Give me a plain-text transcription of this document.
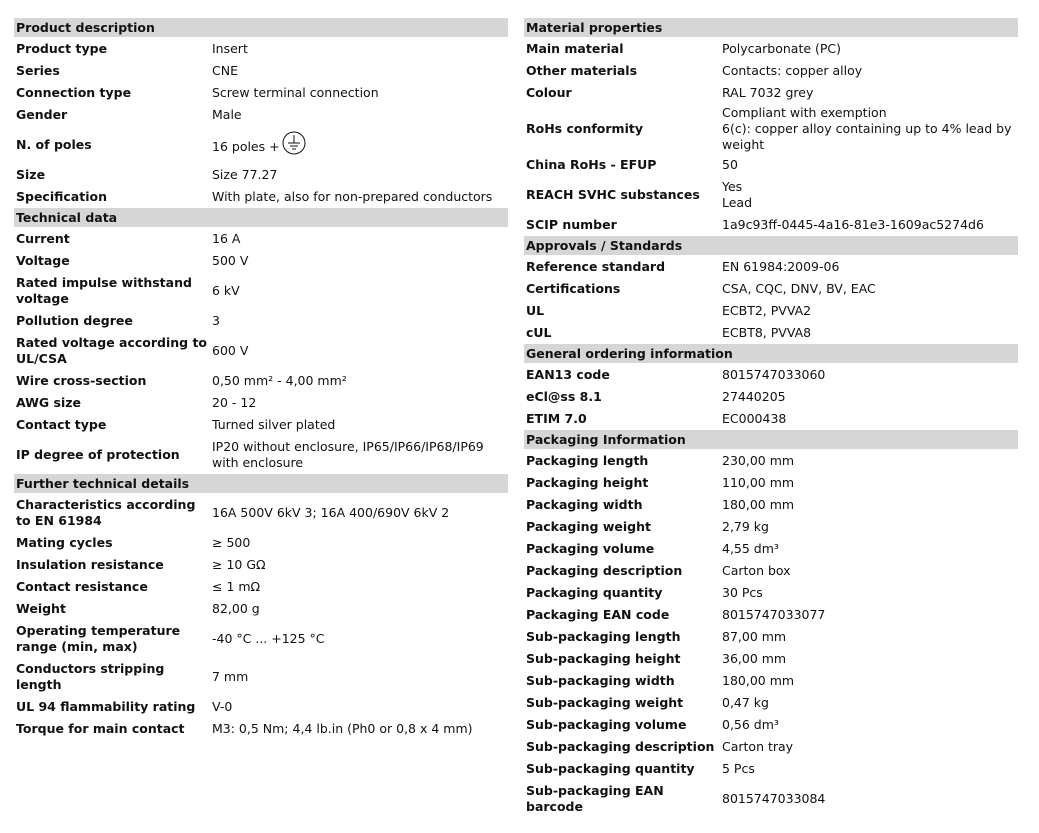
Product description
Product type	Insert

Series	CNE

Connection type	Screw terminal connection

Gender	Male

N. of poles	16 poles +
Size	Size 77.27

Specification	With plate, also for non-prepared conductors
Technical data
Current	16 A

Voltage	500 V

Rated impulse withstand voltage	6 kV

Pollution degree	3

Rated voltage according to UL/CSA	600 V

Wire cross-section	0,50 mm² - 4,00 mm²

AWG size	20 - 12

Contact type	Turned silver plated

IP degree of protection	IP20 without enclosure, IP65/IP66/IP68/IP69 with enclosure
Further technical details
Characteristics according to EN 61984	16A 500V 6kV 3; 16A 400/690V 6kV 2

Mating cycles	≥ 500

Insulation resistance	≥ 10 GΩ

Contact resistance	≤ 1 mΩ

Weight	82,00 g

Operating temperature range (min, max)	-40 °C ... +125 °C

Conductors stripping length	7 mm

UL 94 flammability rating	V-0

Torque for main contact	M3: 0,5 Nm; 4,4 lb.in (Ph0 or 0,8 x 4 mm)
Material properties
Main material	Polycarbonate (PC)

Other materials	Contacts: copper alloy

Colour	RAL 7032 grey

RoHs conformity	Compliant with exemption
6(c): copper alloy containing up to 4% lead by weight

China RoHs - EFUP	50

REACH SVHC substances	Yes
Lead

SCIP number	1a9c93ff-0445-4a16-81e3-1609ac5274d6
Approvals / Standards
Reference standard	EN 61984:2009-06

Certifications	CSA, CQC, DNV, BV, EAC

UL	ECBT2, PVVA2

cUL	ECBT8, PVVA8
General ordering information
EAN13 code	8015747033060

eCl@ss 8.1	27440205

ETIM 7.0	EC000438
Packaging Information
Packaging length	230,00 mm

Packaging height	110,00 mm

Packaging width	180,00 mm

Packaging weight	2,79 kg

Packaging volume	4,55 dm³

Packaging description	Carton box

Packaging quantity	30 Pcs

Packaging EAN code	8015747033077

Sub-packaging length	87,00 mm

Sub-packaging height	36,00 mm

Sub-packaging width	180,00 mm

Sub-packaging weight	0,47 kg

Sub-packaging volume	0,56 dm³

Sub-packaging description	Carton tray

Sub-packaging quantity	5 Pcs

Sub-packaging EAN barcode	8015747033084
